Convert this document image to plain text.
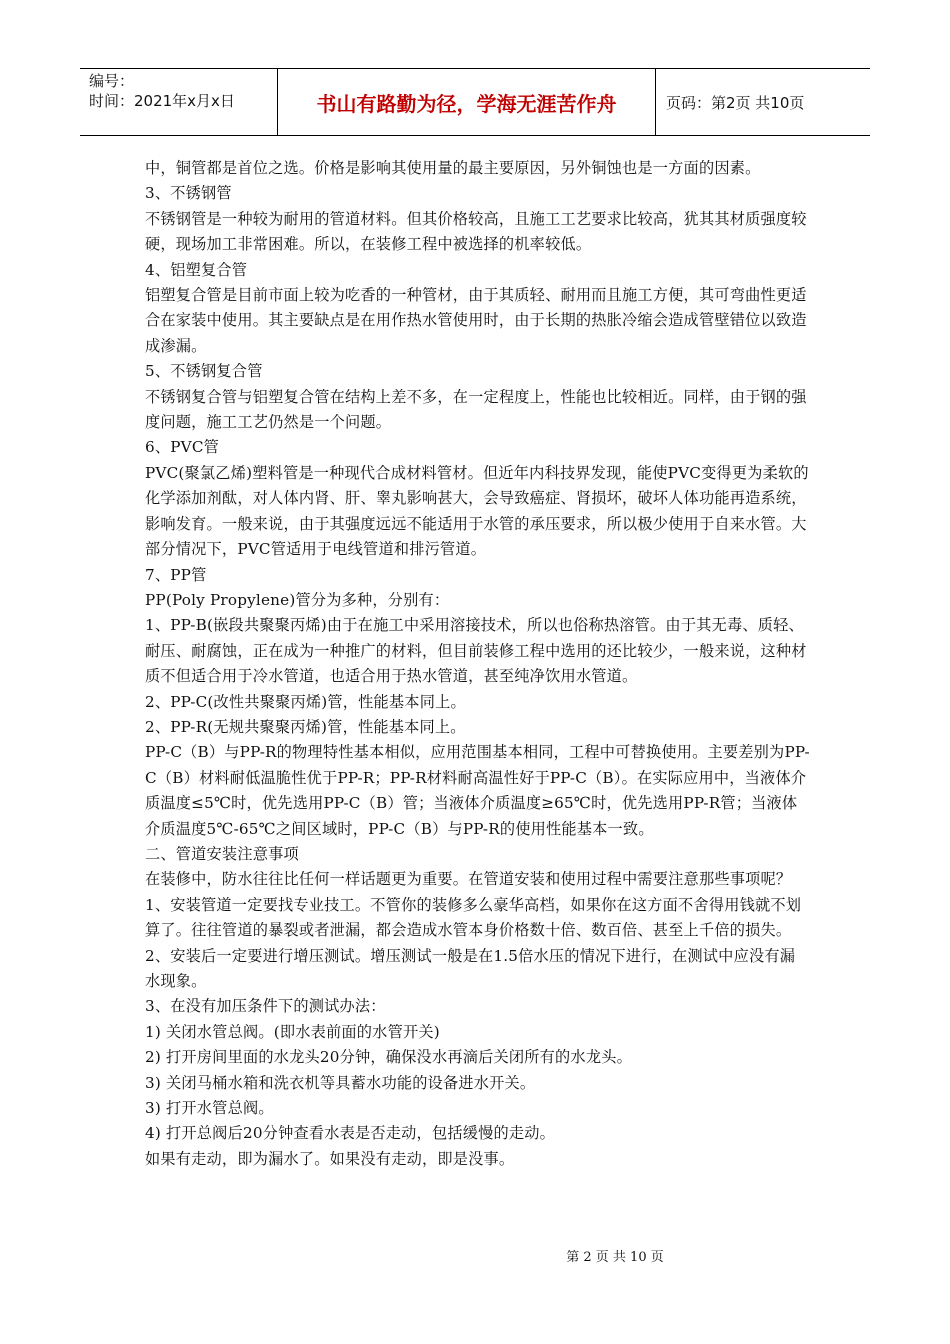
编号：
时间：2021年x月x日	书山有路勤为径，学海无涯苦作舟	页码：第2页 共10页

中，铜管都是首位之选。价格是影响其使用量的最主要原因，另外铜蚀也是一方面的因素。

3、不锈钢管

不锈钢管是一种较为耐用的管道材料。但其价格较高，且施工工艺要求比较高，犹其其材质强度较硬，现场加工非常困难。所以，在装修工程中被选择的机率较低。

4、铝塑复合管

铝塑复合管是目前市面上较为吃香的一种管材，由于其质轻、耐用而且施工方便，其可弯曲性更适合在家装中使用。其主要缺点是在用作热水管使用时，由于长期的热胀冷缩会造成管壁错位以致造成渗漏。

5、不锈钢复合管

不锈钢复合管与铝塑复合管在结构上差不多，在一定程度上，性能也比较相近。同样，由于钢的强度问题，施工工艺仍然是一个问题。

6、PVC管

PVC(聚氯乙烯)塑料管是一种现代合成材料管材。但近年内科技界发现，能使PVC变得更为柔软的化学添加剂酞，对人体内肾、肝、睾丸影响甚大，会导致癌症、肾损坏，破坏人体功能再造系统，影响发育。一般来说，由于其强度远远不能适用于水管的承压要求，所以极少使用于自来水管。大部分情况下，PVC管适用于电线管道和排污管道。

7、PP管

PP(Poly Propylene)管分为多种，分别有：

1、PP-B(嵌段共聚聚丙烯)由于在施工中采用溶接技术，所以也俗称热溶管。由于其无毒、质轻、耐压、耐腐蚀，正在成为一种推广的材料，但目前装修工程中选用的还比较少，一般来说，这种材质不但适合用于冷水管道，也适合用于热水管道，甚至纯净饮用水管道。

2、PP-C(改性共聚聚丙烯)管，性能基本同上。

2、PP-R(无规共聚聚丙烯)管，性能基本同上。

PP-C（B）与PP-R的物理特性基本相似，应用范围基本相同，工程中可替换使用。主要差别为PP-C（B）材料耐低温脆性优于PP-R；PP-R材料耐高温性好于PP-C（B）。在实际应用中，当液体介质温度≤5℃时，优先选用PP-C（B）管；当液体介质温度≥65℃时，优先选用PP-R管；当液体介质温度5℃-65℃之间区域时，PP-C（B）与PP-R的使用性能基本一致。

二、管道安装注意事项

在装修中，防水往往比任何一样话题更为重要。在管道安装和使用过程中需要注意那些事项呢？

1、安装管道一定要找专业技工。不管你的装修多么豪华高档，如果你在这方面不舍得用钱就不划算了。往往管道的暴裂或者泄漏，都会造成水管本身价格数十倍、数百倍、甚至上千倍的损失。

2、安装后一定要进行增压测试。增压测试一般是在1.5倍水压的情况下进行，在测试中应没有漏水现象。

3、在没有加压条件下的测试办法：

1) 关闭水管总阀。(即水表前面的水管开关)

2) 打开房间里面的水龙头20分钟，确保没水再滴后关闭所有的水龙头。

3) 关闭马桶水箱和洗衣机等具蓄水功能的设备进水开关。

3) 打开水管总阀。

4) 打开总阀后20分钟查看水表是否走动，包括缓慢的走动。

如果有走动，即为漏水了。如果没有走动，即是没事。

第 2 页 共 10 页
